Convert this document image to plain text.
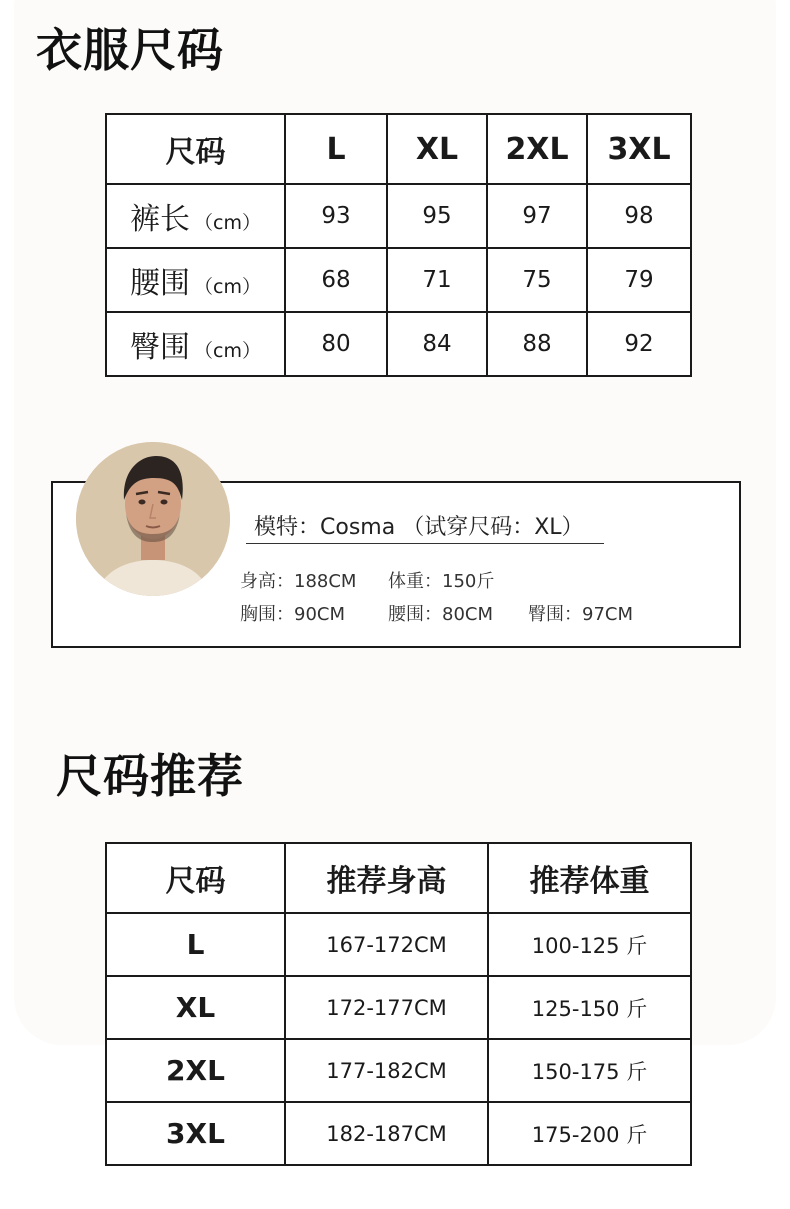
衣服尺码
尺码	L	XL	2XL	3XL
裤长 （cm）	93	95	97	98
腰围 （cm）	68	71	75	79
臀围 （cm）	80	84	88	92
模特：Cosma （试穿尺码：XL）
身高：188CM 体重：150斤
胸围：90CM 腰围：80CM 臀围：97CM
尺码推荐
尺码	推荐身高	推荐体重
L	167-172CM	100-125 斤
XL	172-177CM	125-150 斤
2XL	177-182CM	150-175 斤
3XL	182-187CM	175-200 斤
